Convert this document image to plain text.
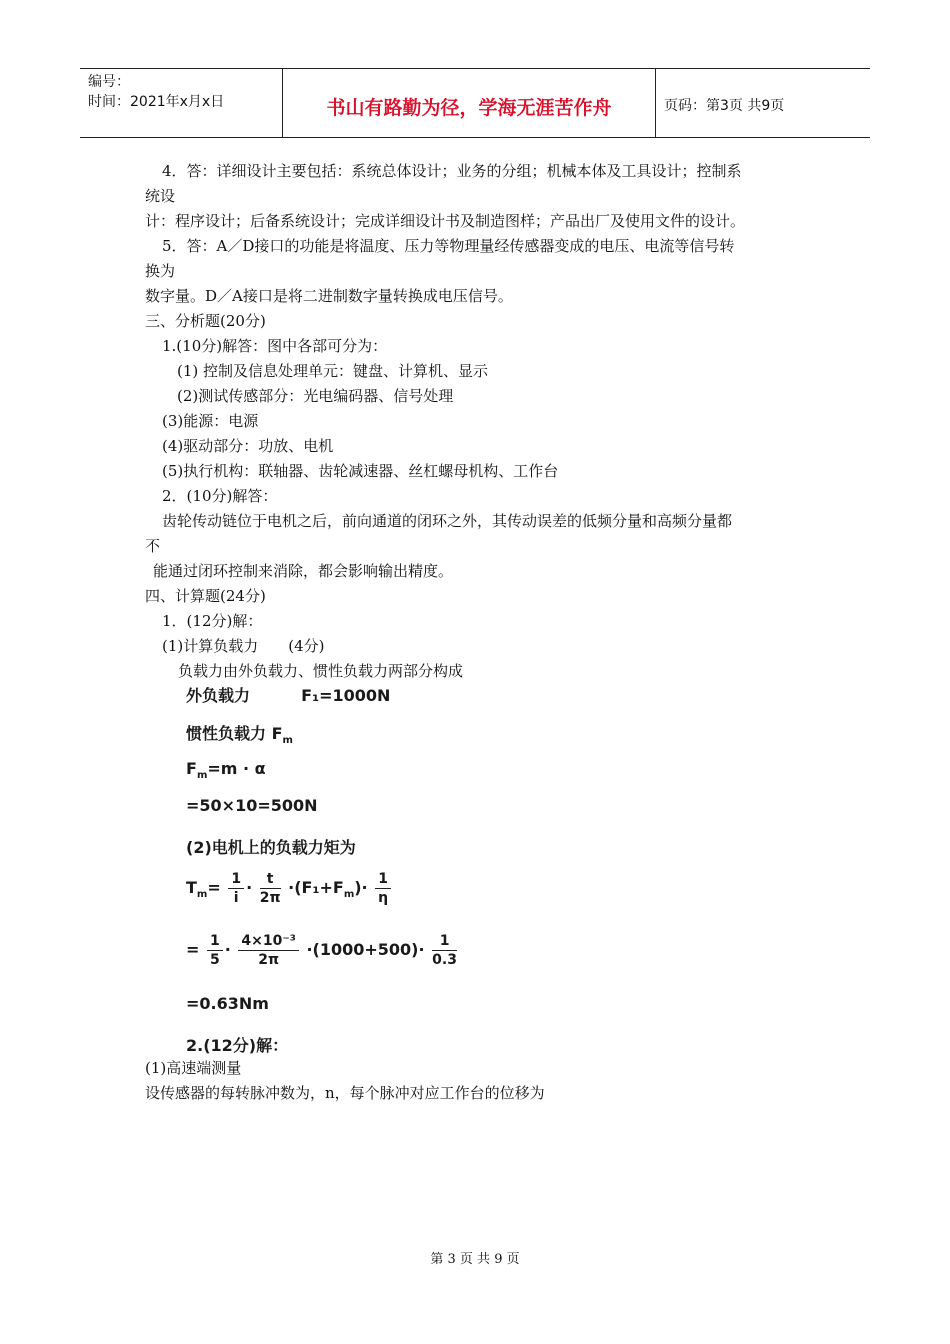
编号：
时间：2021年x月x日	书山有路勤为径，学海无涯苦作舟	页码：第3页 共9页
4．答：详细设计主要包括：系统总体设计；业务的分组；机械本体及工具设计；控制系
统设
计：程序设计；后备系统设计；完成详细设计书及制造图样；产品出厂及使用文件的设计。
5．答：A／D接口的功能是将温度、压力等物理量经传感器变成的电压、电流等信号转
换为
数字量。D／A接口是将二进制数字量转换成电压信号。
三、分析题(20分)
1.(10分)解答：图中各部可分为：
(1) 控制及信息处理单元：键盘、计算机、显示
(2)测试传感部分：光电编码器、信号处理
(3)能源：电源
(4)驱动部分：功放、电机
(5)执行机构：联轴器、齿轮减速器、丝杠螺母机构、工作台
2．(10分)解答：
齿轮传动链位于电机之后，前向通道的闭环之外，其传动误差的低频分量和高频分量都
不
能通过闭环控制来消除，都会影响输出精度。
四、计算题(24分)
1．(12分)解：
(1)计算负载力　　(4分)
负载力由外负载力、惯性负载力两部分构成
外负载力	F₁=1000N
惯性负载力 $F_m$
$F_m=m \cdot \alpha$
=50×10=500N
(2)电机上的负载力矩为
$T_m= \frac{1}{i} \cdot \frac{t}{2\pi} \cdot(F_1+F_m)\cdot \frac{1}{\eta}$
= $\frac{1}{5} \cdot \frac{\text{4×10⁻³}}{2\pi} \cdot(1000+500)\cdot \frac{1}{0.3}$
=0.63Nm
2.(12分)解：
(1)高速端测量
设传感器的每转脉冲数为，n，每个脉冲对应工作台的位移为
第 3 页 共 9 页
